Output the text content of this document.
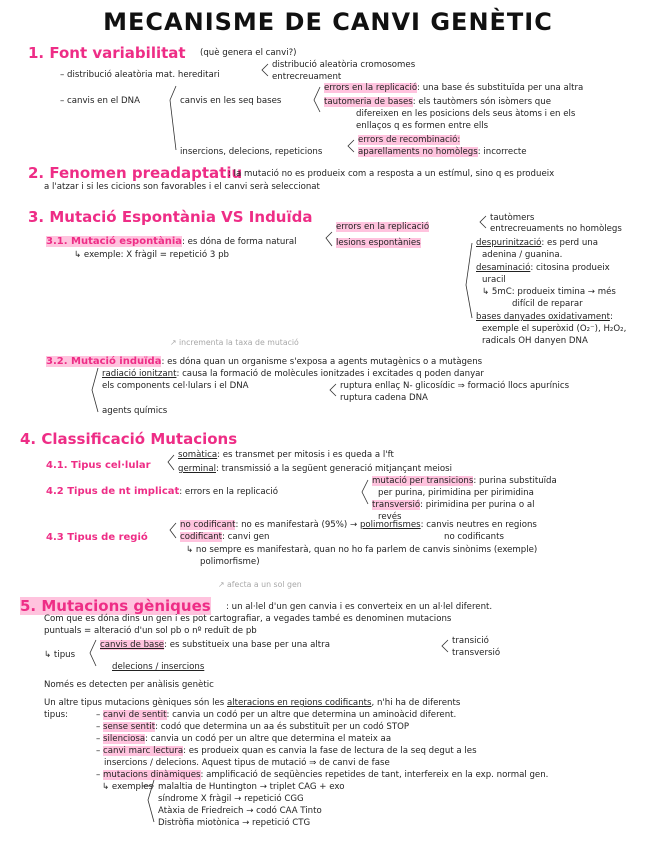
MECANISME DE CANVI GENÈTIC
1. Font variabilitat (què genera el canvi?)
– distribució aleatòria mat. hereditari
distribució aleatòria cromosomes
entrecreuament
– canvis en el DNA	canvis en les seq bases
errors en la replicació: una base és substituïda per una altra
tautomeria de bases: els tautòmers són isòmers que
difereixen en les posicions dels seus àtoms i en els
enllaços q es formen entre ells
errors de recombinació:
aparellaments no homòlegs: incorrecte
insercions, delecions, repeticions
2. Fenomen preadaptatiu
: la mutació no es produeix com a resposta a un estímul, sino q es produeix
a l'atzar i si les cicions son favorables i el canvi serà seleccionat
3. Mutació Espontània VS Induïda
3.1. Mutació espontània: es dóna de forma natural
↳ exemple: X fràgil = repetició 3 pb
errors en la replicació
tautòmers
entrecreuaments no homòlegs
lesions espontànies	despurinització: es perd una
adenina / guanina.
desaminació: citosina produeix
uracil
↳ 5mC: produeix timina → més
difícil de reparar
bases danyades oxidativament:
exemple el superòxid (O₂⁻), H₂O₂,
radicals OH danyen DNA
↗ incrementa la taxa de mutació
3.2. Mutació induïda: es dóna quan un organisme s'exposa a agents mutagènics o a mutàgens
radiació ionitzant: causa la formació de molècules ionitzades i excitades q poden danyar
els components cel·lulars i el DNA	ruptura enllaç N- glicosídic ⇒ formació llocs apurínics
ruptura cadena DNA
agents químics
4. Classificació Mutacions
4.1. Tipus cel·lular
somàtica: es transmet per mitosis i es queda a l'ft
germinal: transmissió a la següent generació mitjançant meiosi
4.2 Tipus de nt implicat: errors en la replicació
mutació per transicions: purina substituïda
per purina, pirimidina per pirimidina
transversió: pirimidina per purina o al
revés
4.3 Tipus de regió
no codificant: no es manifestarà (95%) → polimorfismes: canvis neutres en regions
no codificants
codificant: canvi gen
↳ no sempre es manifestarà, quan no ho fa parlem de canvis sinònims (exemple)
polimorfisme)
↗ afecta a un sol gen
5. Mutacions gèniques : un al·lel d'un gen canvia i es converteix en un al·lel diferent.
Com que es dóna dins un gen i es pot cartografiar, a vegades també es denominen mutacions
puntuals = alteració d'un sol pb o nº reduït de pb
↳ tipus
canvis de base: es substitueix una base per una altra	transició
transversió
delecions / insercions
Només es detecten per anàlisis genètic
Un altre tipus mutacions gèniques són les alteracions en regions codificants, n'hi ha de diferents
tipus:	– canvi de sentit: canvia un codó per un altre que determina un aminoàcid diferent.
– sense sentit: codó que determina un aa és substituït per un codó STOP
– silenciosa: canvia un codó per un altre que determina el mateix aa
– canvi marc lectura: es produeix quan es canvia la fase de lectura de la seq degut a les
insercions / delecions. Aquest tipus de mutació ⇒ de canvi de fase
– mutacions dinàmiques: amplificació de seqüències repetides de tant, interfereix en la exp. normal gen.
↳ exemples malaltia de Huntington → triplet CAG + exo
síndrome X fràgil → repetició CGG
Atàxia de Friedreich → codó CAA Tinto
Distròfia miotònica → repetició CTG
